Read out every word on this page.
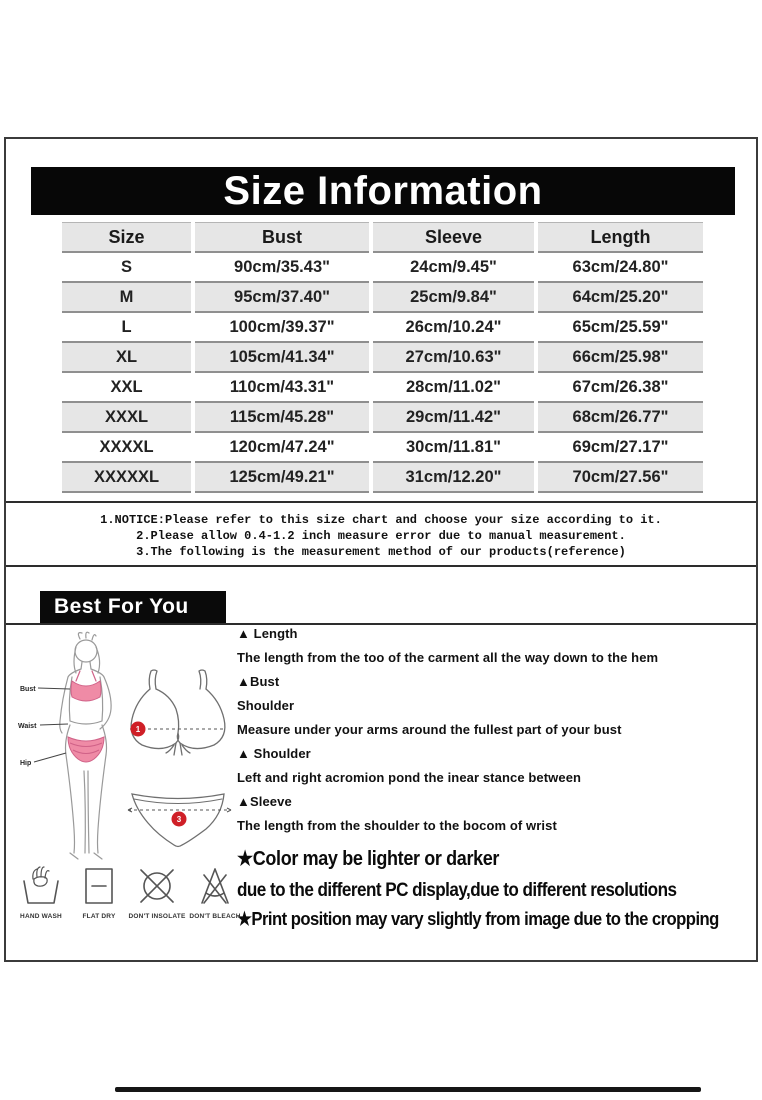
Size Information
Size	Bust	Sleeve	Length
S	90cm/35.43"	24cm/9.45"	63cm/24.80"
M	95cm/37.40"	25cm/9.84"	64cm/25.20"
L	100cm/39.37"	26cm/10.24"	65cm/25.59"
XL	105cm/41.34"	27cm/10.63"	66cm/25.98"
XXL	110cm/43.31"	28cm/11.02"	67cm/26.38"
XXXL	115cm/45.28"	29cm/11.42"	68cm/26.77"
XXXXL	120cm/47.24"	30cm/11.81"	69cm/27.17"
XXXXXL	125cm/49.21"	31cm/12.20"	70cm/27.56"
1.NOTICE:Please refer to this size chart and choose your size according to it.
2.Please allow 0.4-1.2 inch measure error due to manual measurement.
3.The following is the measurement method of our products(reference)
Best For You
Bust
Waist
Hip
1
3
▲ Length
The length from the too of the carment all the way down to the hem
▲Bust
Shoulder
Measure under your arms around the fullest part of your bust
▲ Shoulder
Left and right acromion pond the inear stance between
▲Sleeve
The length from the shoulder to the bocom of wrist
★Color may be lighter or darker
due to the different PC display,due to different resolutions
★Print position may vary slightly from image due to the cropping
HAND WASH	FLAT DRY DON'T INSOLATE DON'T BLEACH
